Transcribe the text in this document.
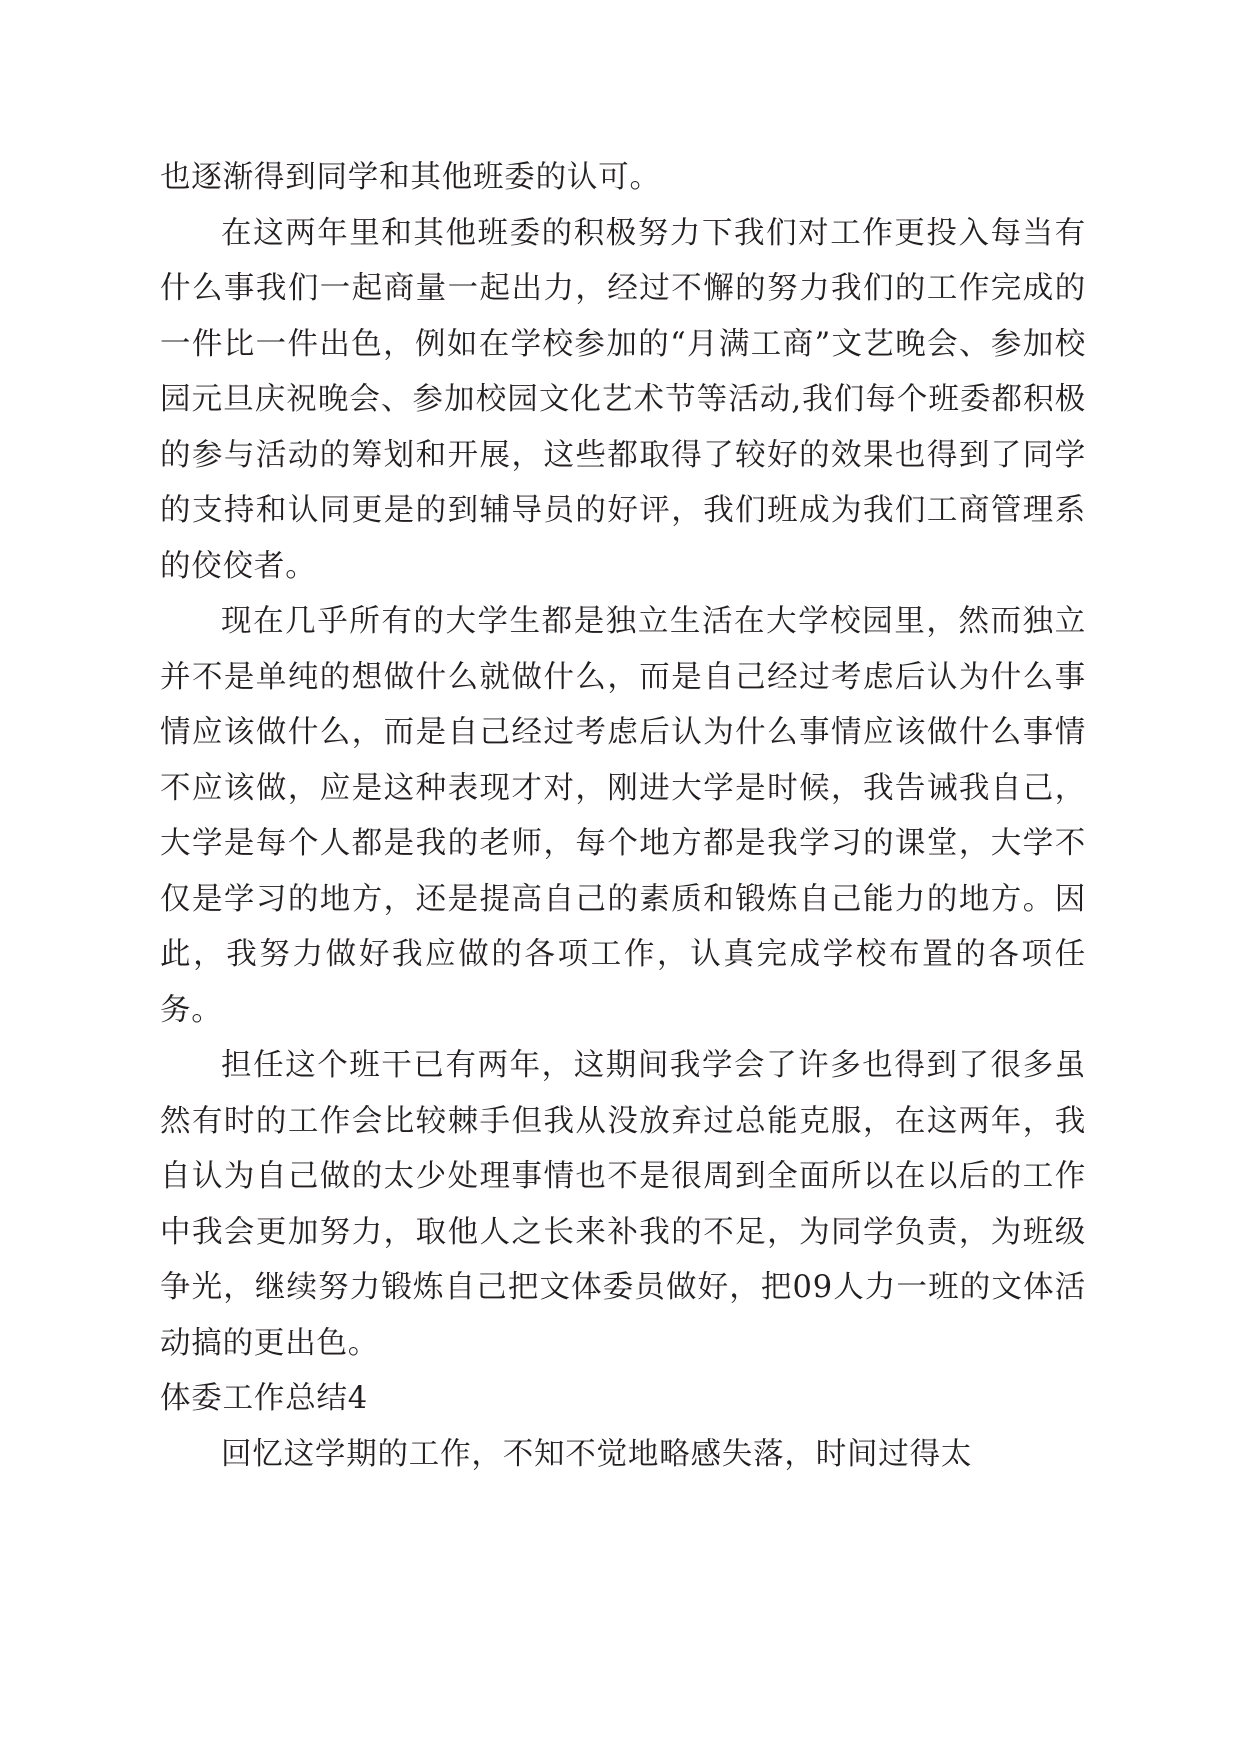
也逐渐得到同学和其他班委的认可。

在这两年里和其他班委的积极努力下我们对工作更投入每当有什么事我们一起商量一起出力，经过不懈的努力我们的工作完成的一件比一件出色，例如在学校参加的“月满工商”文艺晚会、参加校园元旦庆祝晚会、参加校园文化艺术节等活动,我们每个班委都积极的参与活动的筹划和开展，这些都取得了较好的效果也得到了同学的支持和认同更是的到辅导员的好评，我们班成为我们工商管理系的佼佼者。

现在几乎所有的大学生都是独立生活在大学校园里，然而独立并不是单纯的想做什么就做什么，而是自己经过考虑后认为什么事情应该做什么，而是自己经过考虑后认为什么事情应该做什么事情不应该做，应是这种表现才对，刚进大学是时候，我告诫我自己，大学是每个人都是我的老师，每个地方都是我学习的课堂，大学不仅是学习的地方，还是提高自己的素质和锻炼自己能力的地方。因此，我努力做好我应做的各项工作，认真完成学校布置的各项任务。

担任这个班干已有两年，这期间我学会了许多也得到了很多虽然有时的工作会比较棘手但我从没放弃过总能克服，在这两年，我自认为自己做的太少处理事情也不是很周到全面所以在以后的工作中我会更加努力，取他人之长来补我的不足，为同学负责，为班级争光，继续努力锻炼自己把文体委员做好，把09人力一班的文体活动搞的更出色。

体委工作总结4

回忆这学期的工作，不知不觉地略感失落，时间过得太
